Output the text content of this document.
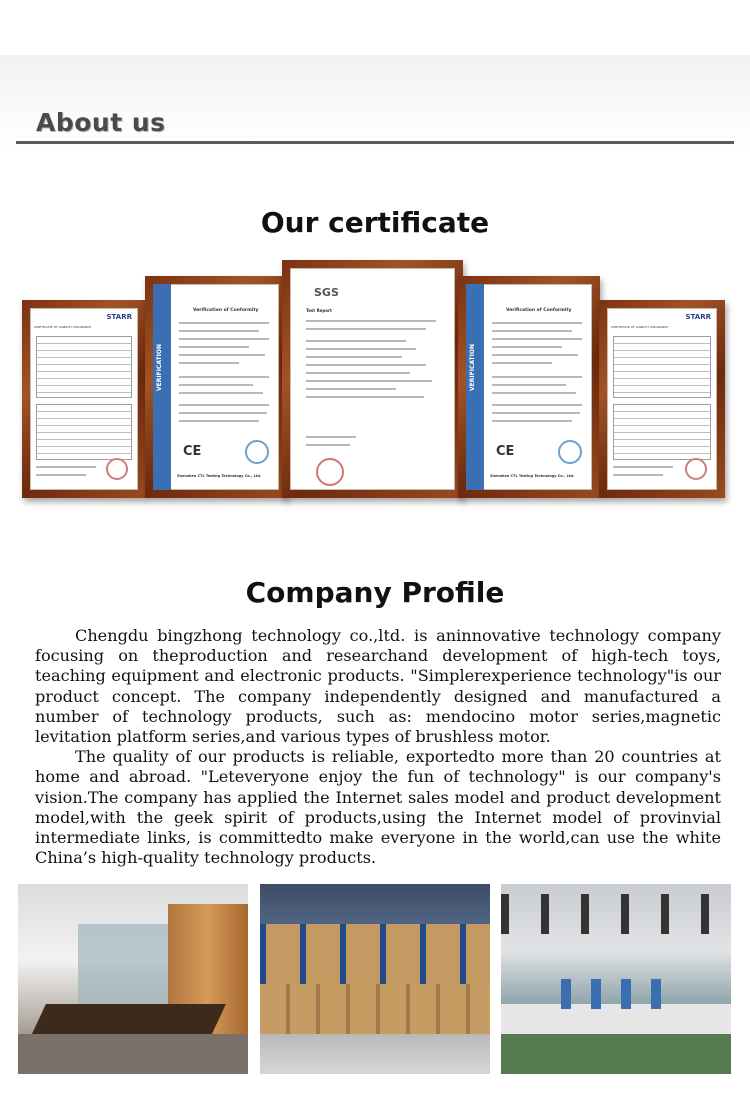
About us
Our certificate
STARR
CERTIFICATE OF LIABILITY INSURANCE
VERIFICATION
Verification of Conformity
CE
Shenzhen CTL Testing Technology Co., Ltd.
SGS
Test Report
VERIFICATION
Verification of Conformity
CE
Shenzhen CTL Testing Technology Co., Ltd.
STARR
CERTIFICATE OF LIABILITY INSURANCE
Company Profile

Chengdu bingzhong technology co.,ltd. is aninnovative technology company focusing on theproduction and researchand development of high-tech toys, teaching equipment and electronic products. "Simplerexperience technology"is our product concept. The company independently designed and manufactured a number of technology products, such as: mendocino motor series,magnetic levitation platform series,and various types of brushless motor.

The quality of our products is reliable, exportedto more than 20 countries at home and abroad. "Leteveryone enjoy the fun of technology" is our company's vision.The company has applied the Internet sales model and product development model,with the geek spirit of products,using the Internet model of provinvial intermediate links, is committedto make everyone in the world,can use the white China’s high-quality technology products.
